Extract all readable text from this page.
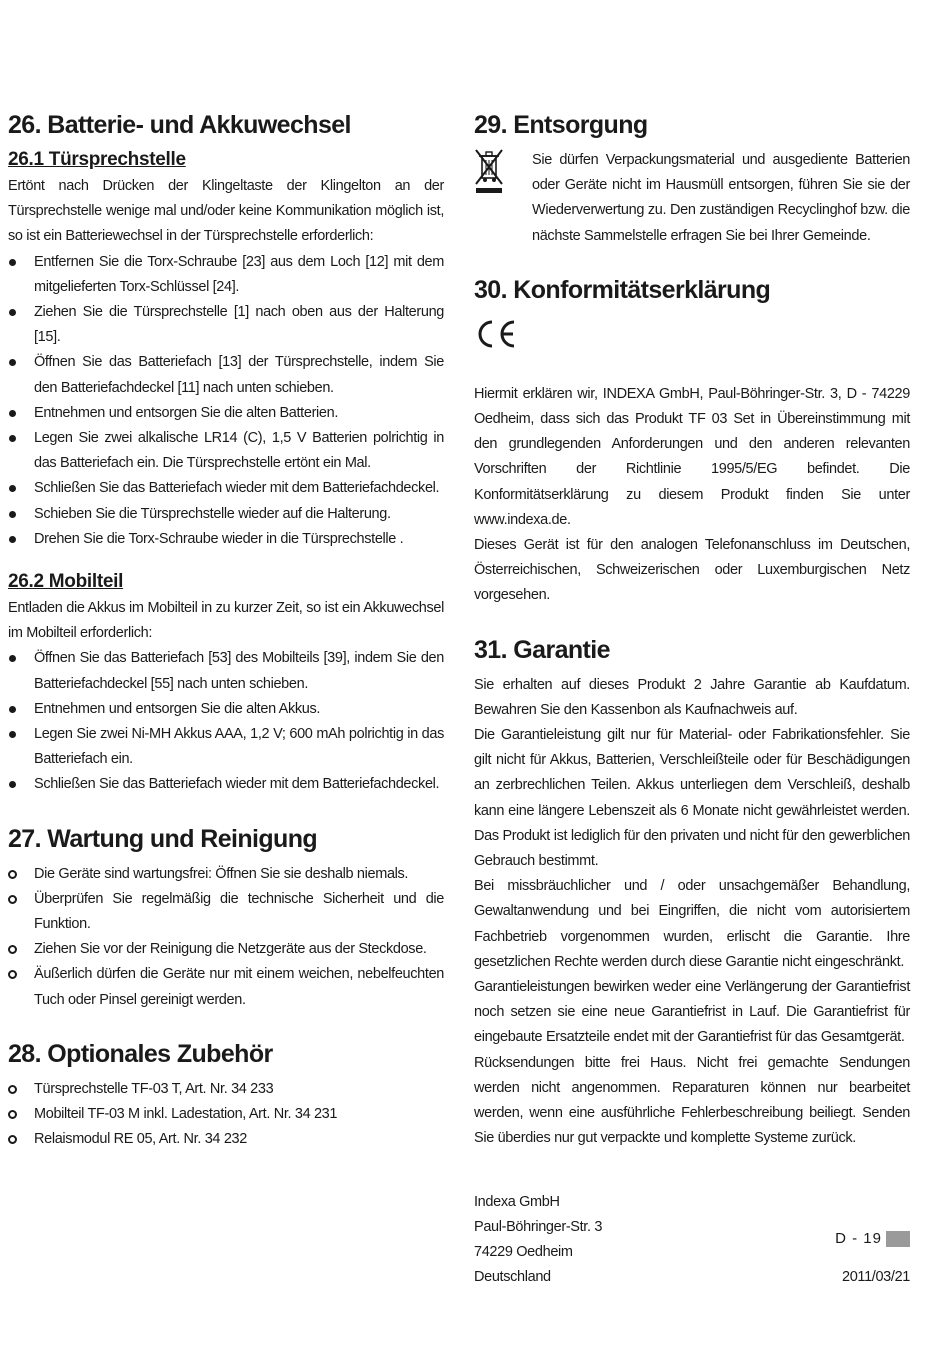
26. Batterie- und Akkuwechsel
26.1 Türsprechstelle

Ertönt nach Drücken der Klingeltaste der Klingelton an der Türsprechstelle wenige mal und/oder keine Kommunikation möglich ist, so ist ein Batteriewechsel in der Türsprechstelle erforderlich:

Entfernen Sie die Torx-Schraube [23] aus dem Loch [12] mit dem mitgelieferten Torx-Schlüssel [24].
Ziehen Sie die Türsprechstelle [1] nach oben aus der Halterung [15].
Öffnen Sie das Batteriefach [13] der Türsprechstelle, indem Sie den Batteriefachdeckel [11] nach unten schieben.
Entnehmen und entsorgen Sie die alten Batterien.
Legen Sie zwei alkalische LR14 (C), 1,5 V Batterien polrichtig in das Batteriefach ein. Die Türsprechstelle ertönt ein Mal.
Schließen Sie das Batteriefach wieder mit dem Batteriefachdeckel.
Schieben Sie die Türsprechstelle wieder auf die Halterung.
Drehen Sie die Torx-Schraube wieder in die Türsprechstelle .
26.2 Mobilteil

Entladen die Akkus im Mobilteil in zu kurzer Zeit, so ist ein Akkuwechsel im Mobilteil erforderlich:

Öffnen Sie das Batteriefach [53] des Mobilteils [39], indem Sie den Batteriefachdeckel [55] nach unten schieben.
Entnehmen und entsorgen Sie die alten Akkus.
Legen Sie zwei Ni-MH Akkus AAA, 1,2 V; 600 mAh polrichtig in das Batteriefach ein.
Schließen Sie das Batteriefach wieder mit dem Batteriefachdeckel.
27. Wartung und Reinigung
Die Geräte sind wartungsfrei: Öffnen Sie sie deshalb niemals.
Überprüfen Sie regelmäßig die technische Sicherheit und die Funktion.
Ziehen Sie vor der Reinigung die Netzgeräte aus der Steckdose.
Äußerlich dürfen die Geräte nur mit einem weichen, nebelfeuchten Tuch oder Pinsel gereinigt werden.
28. Optionales Zubehör
Türsprechstelle TF-03 T, Art. Nr. 34 233
Mobilteil TF-03 M inkl. Ladestation, Art. Nr. 34 231
Relaismodul RE 05, Art. Nr. 34 232
29. Entsorgung

Sie dürfen Verpackungsmaterial und ausgediente Batterien oder Geräte nicht im Hausmüll entsorgen, führen Sie sie der Wiederverwertung zu. Den zuständigen Recyclinghof bzw. die nächste Sammelstelle erfragen Sie bei Ihrer Gemeinde.

30. Konformitätserklärung

Hiermit erklären wir, INDEXA GmbH, Paul-Böhringer-Str. 3, D - 74229 Oedheim, dass sich das Produkt TF 03 Set in Übereinstimmung mit den grundlegenden Anforderungen und den anderen relevanten Vorschriften der Richtlinie 1995/5/EG befindet. Die Konformitätserklärung zu diesem Produkt finden Sie unter www.indexa.de.

Dieses Gerät ist für den analogen Telefonanschluss im Deutschen, Österreichischen, Schweizerischen oder Luxemburgischen Netz vorgesehen.

31. Garantie

Sie erhalten auf dieses Produkt 2 Jahre Garantie ab Kaufdatum. Bewahren Sie den Kassenbon als Kaufnachweis auf.

Die Garantieleistung gilt nur für Material- oder Fabrikationsfehler. Sie gilt nicht für Akkus, Batterien, Verschleißteile oder für Beschädigungen an zerbrechlichen Teilen. Akkus unterliegen dem Verschleiß, deshalb kann eine längere Lebenszeit als 6 Monate nicht gewährleistet werden. Das Produkt ist lediglich für den privaten und nicht für den gewerblichen Gebrauch bestimmt.

Bei missbräuchlicher und / oder unsachgemäßer Behandlung, Gewaltanwendung und bei Eingriffen, die nicht vom autorisiertem Fachbetrieb vorgenommen wurden, erlischt die Garantie. Ihre gesetzlichen Rechte werden durch diese Garantie nicht eingeschränkt.

Garantieleistungen bewirken weder eine Verlängerung der Garantiefrist noch setzen sie eine neue Garantiefrist in Lauf. Die Garantiefrist für eingebaute Ersatzteile endet mit der Garantiefrist für das Gesamtgerät.

Rücksendungen bitte frei Haus. Nicht frei gemachte Sendungen werden nicht angenommen. Reparaturen können nur bearbeitet werden, wenn eine ausführliche Fehlerbeschreibung beiliegt. Senden Sie überdies nur gut verpackte und komplette Systeme zurück.

Indexa GmbH

Paul-Böhringer-Str. 3

74229 Oedheim

Deutschland	2011/03/21

D - 19
